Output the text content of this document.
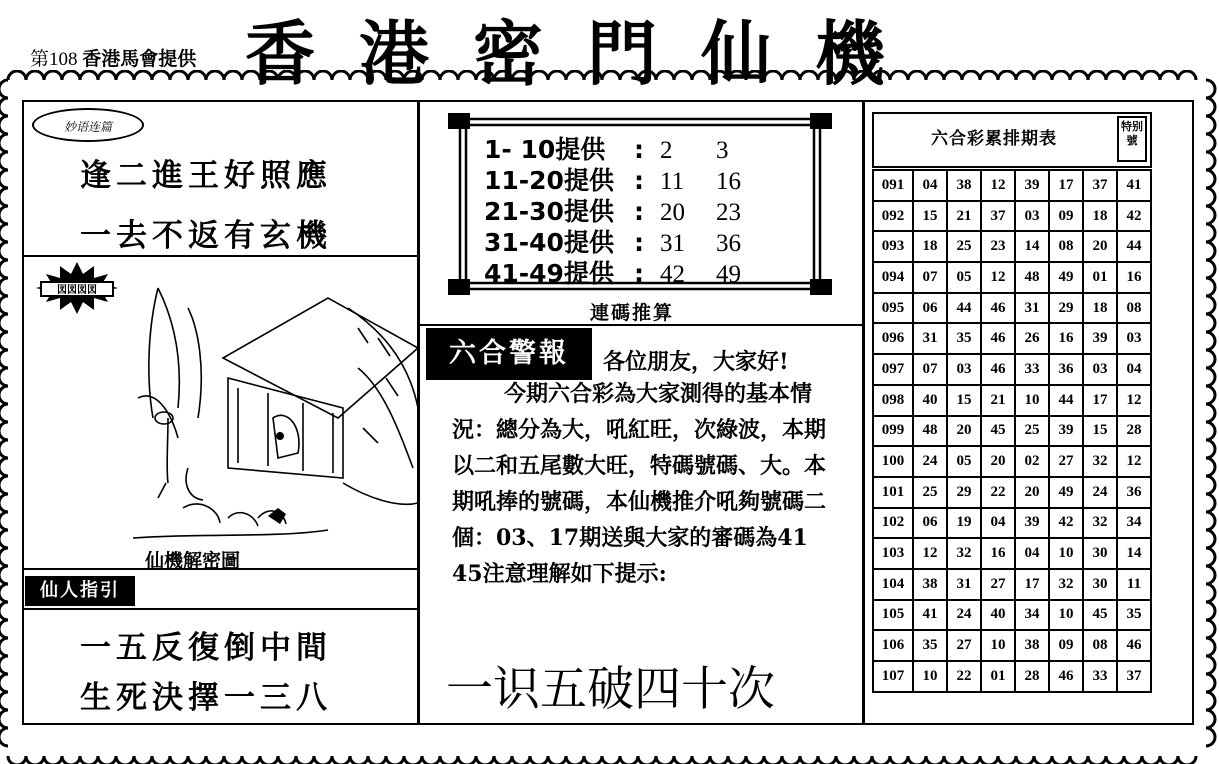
第108 香港馬會提供 香港密門仙機
妙语连篇
逢二進王好照應
一去不返有玄機
図図図図
仙機解密圖
仙人指引
一五反復倒中間
生死決擇一三八
1- 10提供 : 2 3
11-20提供 : 11 16
21-30提供 : 20 23
31-40提供 : 31 36
41-49提供 : 42 49
連碼推算
六合警報	各位朋友，大家好!
今期六合彩為大家測得的基本情況：總分為大，吼紅旺，次綠波，本期以二和五尾數大旺，特碼號碼、大。本期吼捧的號碼，本仙機推介吼夠號碼二個：03、17期送與大家的審碼為41 45注意理解如下提示:
一识五破四十次
六合彩累排期表
特别號
091	04	38	12	39	17	37	41
092	15	21	37	03	09	18	42
093	18	25	23	14	08	20	44
094	07	05	12	48	49	01	16
095	06	44	46	31	29	18	08
096	31	35	46	26	16	39	03
097	07	03	46	33	36	03	04
098	40	15	21	10	44	17	12
099	48	20	45	25	39	15	28
100	24	05	20	02	27	32	12
101	25	29	22	20	49	24	36
102	06	19	04	39	42	32	34
103	12	32	16	04	10	30	14
104	38	31	27	17	32	30	11
105	41	24	40	34	10	45	35
106	35	27	10	38	09	08	46
107	10	22	01	28	46	33	37
